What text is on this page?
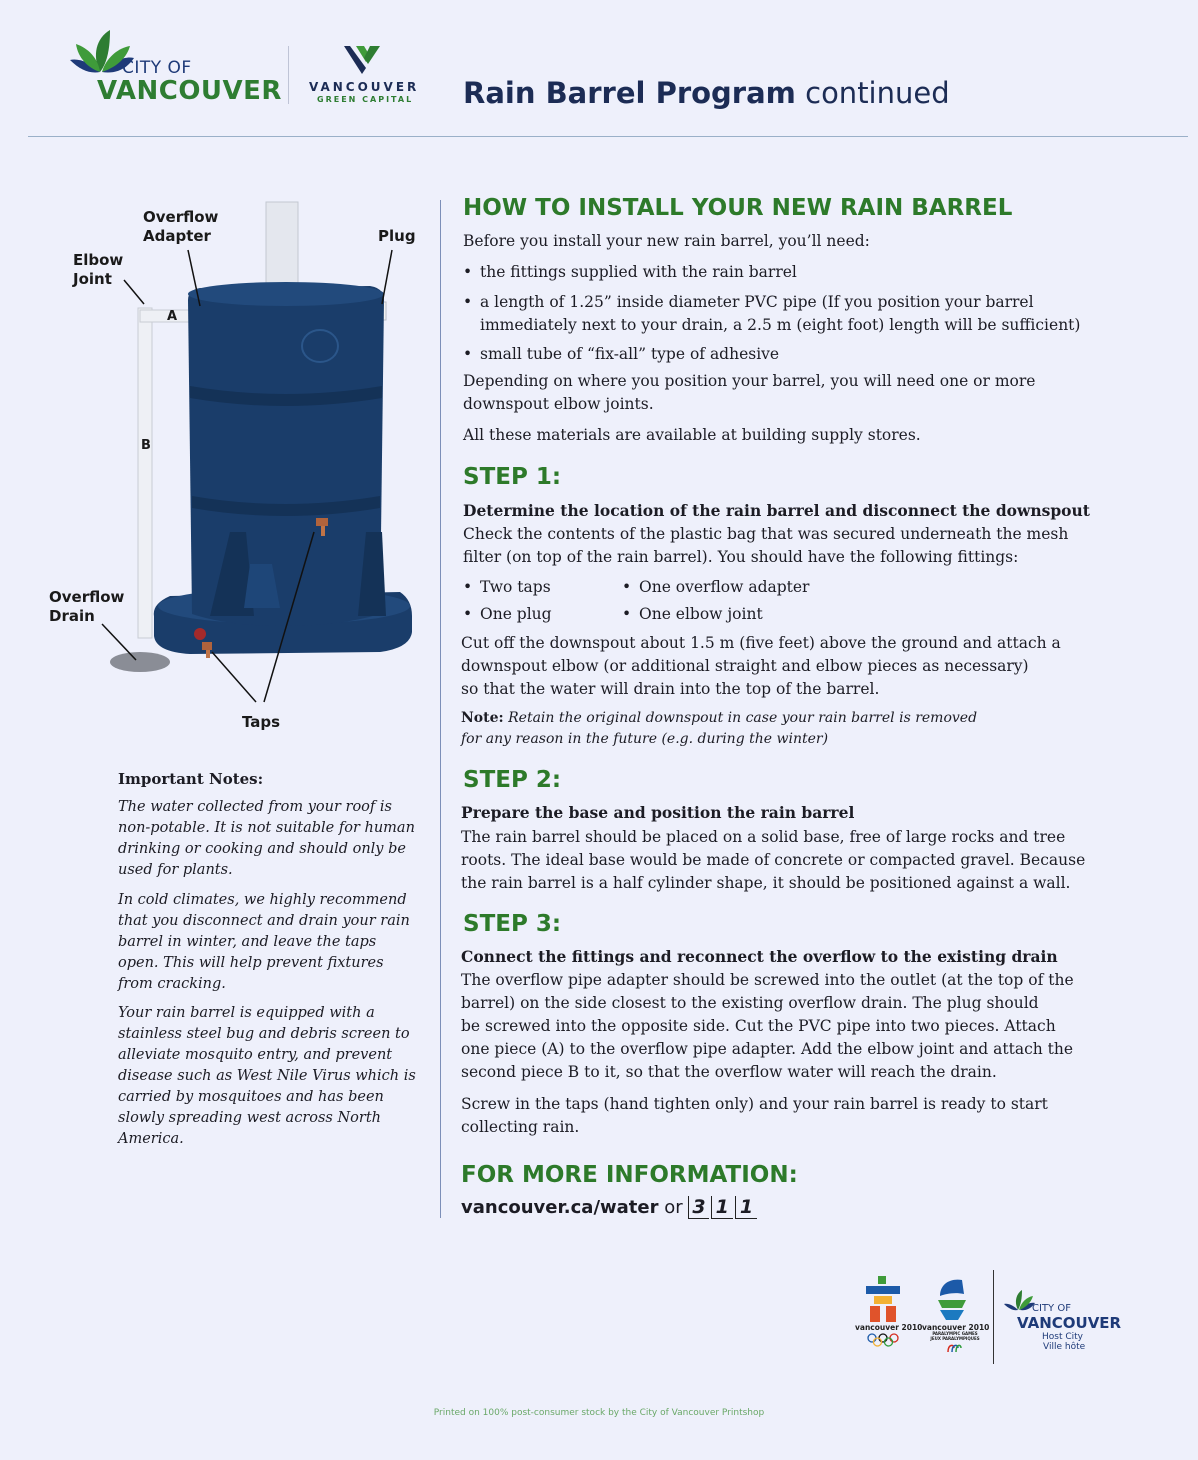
CITY OF
VANCOUVER VANCOUVER
GREEN CAPITAL Rain Barrel Program continued
Overflow
Adapter	Plug
Elbow
Joint
A
B
Overflow
Drain
Taps
Important Notes:
The water collected from your roof is non-potable. It is not suitable for human drinking or cooking and should only be used for plants.
In cold climates, we highly recommend that you disconnect and drain your rain barrel in winter, and leave the taps open. This will help prevent fixtures from cracking.
Your rain barrel is equipped with a stainless steel bug and debris screen to alleviate mosquito entry, and prevent disease such as West Nile Virus which is carried by mosquitoes and has been slowly spreading west across North America.
HOW TO INSTALL YOUR NEW RAIN BARREL
Before you install your new rain barrel, you’ll need:
• the fittings supplied with the rain barrel
• a length of 1.25” inside diameter PVC pipe (If you position your barrel
immediately next to your drain, a 2.5 m (eight foot) length will be sufficient)
• small tube of “fix-all” type of adhesive
Depending on where you position your barrel, you will need one or more
downspout elbow joints.
All these materials are available at building supply stores.
STEP 1:
Determine the location of the rain barrel and disconnect the downspout
Check the contents of the plastic bag that was secured underneath the mesh
filter (on top of the rain barrel). You should have the following fittings:
• Two taps
• One plug
• One overflow adapter
• One elbow joint
Cut off the downspout about 1.5 m (five feet) above the ground and attach a
downspout elbow (or additional straight and elbow pieces as necessary)
so that the water will drain into the top of the barrel.
Note: Retain the original downspout in case your rain barrel is removed
for any reason in the future (e.g. during the winter)
STEP 2:
Prepare the base and position the rain barrel
The rain barrel should be placed on a solid base, free of large rocks and tree
roots. The ideal base would be made of concrete or compacted gravel. Because
the rain barrel is a half cylinder shape, it should be positioned against a wall.
STEP 3:
Connect the fittings and reconnect the overflow to the existing drain
The overflow pipe adapter should be screwed into the outlet (at the top of the
barrel) on the side closest to the existing overflow drain. The plug should
be screwed into the opposite side. Cut the PVC pipe into two pieces. Attach
one piece (A) to the overflow pipe adapter. Add the elbow joint and attach the
second piece B to it, so that the overflow water will reach the drain.
Screw in the taps (hand tighten only) and your rain barrel is ready to start
collecting rain.
FOR MORE INFORMATION:
vancouver.ca/water or 3 1 1
vancouver 2010 vancouver 2010
PARALYMPIC GAMES JEUX PARALYMPIQUES
CITY OF
VANCOUVER
Host City
Ville hôte
Printed on 100% post-consumer stock by the City of Vancouver Printshop
